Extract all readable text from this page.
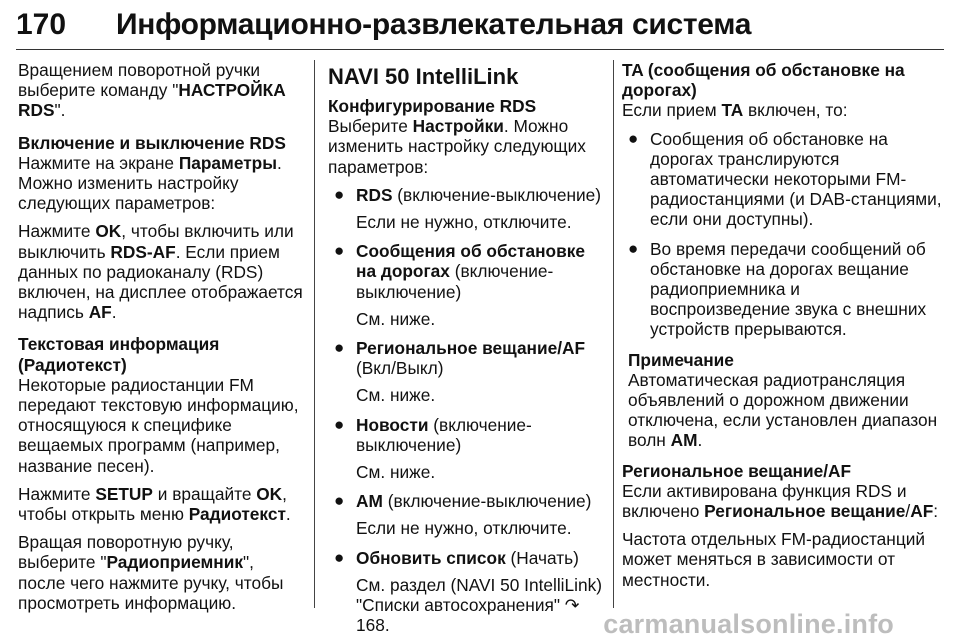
170 Информационно-развлекательная система

Вращением поворотной ручки выберите команду "НАСТРОЙКА RDS".

Включение и выключение RDS

Нажмите на экране Параметры. Можно изменить настройку следующих параметров:

Нажмите OK, чтобы включить или выключить RDS-AF. Если прием данных по радиоканалу (RDS) включен, на дисплее отображается надпись AF.

Текстовая информация (Радиотекст)

Некоторые радиостанции FM передают текстовую информацию, относящуюся к специфике вещаемых программ (например, название песен).

Нажмите SETUP и вращайте OK, чтобы открыть меню Радиотекст.

Вращая поворотную ручку, выберите "Радиоприемник", после чего нажмите ручку, чтобы просмотреть информацию.

NAVI 50 IntelliLink

Конфигурирование RDS

Выберите Настройки. Можно изменить настройку следующих параметров:

● RDS (включение-выключение)
Если не нужно, отключите.
● Сообщения об обстановке на дорогах (включение-выключение)
См. ниже.
● Региональное вещание/AF (Вкл/Выкл)
См. ниже.
● Новости (включение-выключение)
См. ниже.
● AM (включение-выключение)
Если не нужно, отключите.
● Обновить список (Начать)
См. раздел (NAVI 50 IntelliLink) "Списки автосохранения" ↷ 168.

TA (сообщения об обстановке на дорогах)

Если прием TA включен, то:

● Сообщения об обстановке на дорогах транслируются автоматически некоторыми FM-радиостанциями (и DAB-станциями, если они доступны).
● Во время передачи сообщений об обстановке на дорогах вещание радиоприемника и воспроизведение звука с внешних устройств прерываются.

Примечание

Автоматическая радиотрансляция объявлений о дорожном движении отключена, если установлен диапазон волн AM.

Региональное вещание/AF

Если активирована функция RDS и включено Региональное вещание/AF:

Частота отдельных FM-радиостанций может меняться в зависимости от местности.

carmanualsonline.info
